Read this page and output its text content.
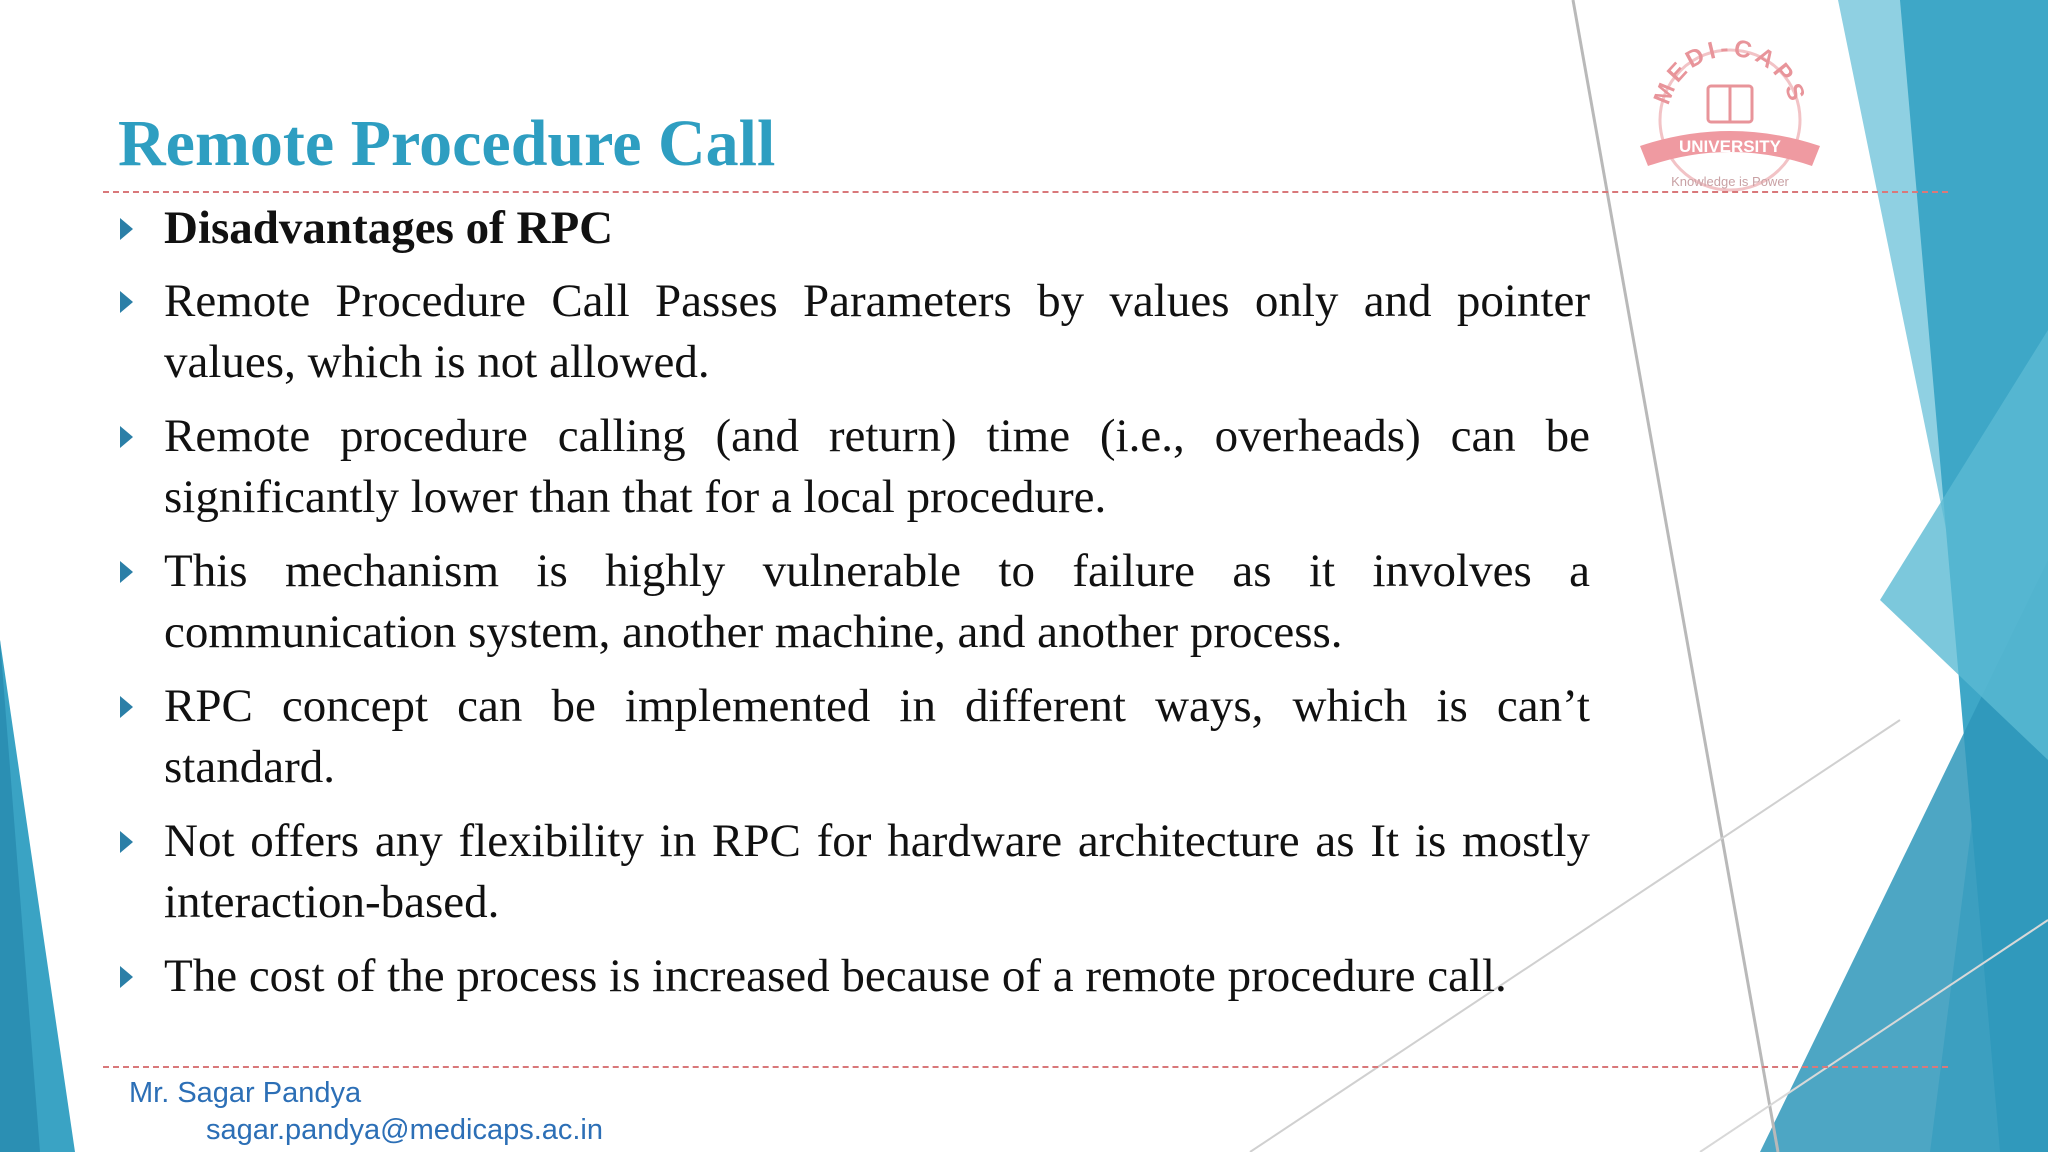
MEDI-CAPS
UNIVERSITY
Knowledge is Power
Remote Procedure Call
Disadvantages of RPC
Remote Procedure Call Passes Parameters by values only and pointer values, which is not allowed.
Remote procedure calling (and return) time (i.e., overheads) can be significantly lower than that for a local procedure.
This mechanism is highly vulnerable to failure as it involves a communication system, another machine, and another process.
RPC concept can be implemented in different ways, which is can’t standard.
Not offers any flexibility in RPC for hardware architecture as It is mostly interaction-based.
The cost of the process is increased because of a remote procedure call.
Mr. Sagar Pandya
sagar.pandya@medicaps.ac.in
